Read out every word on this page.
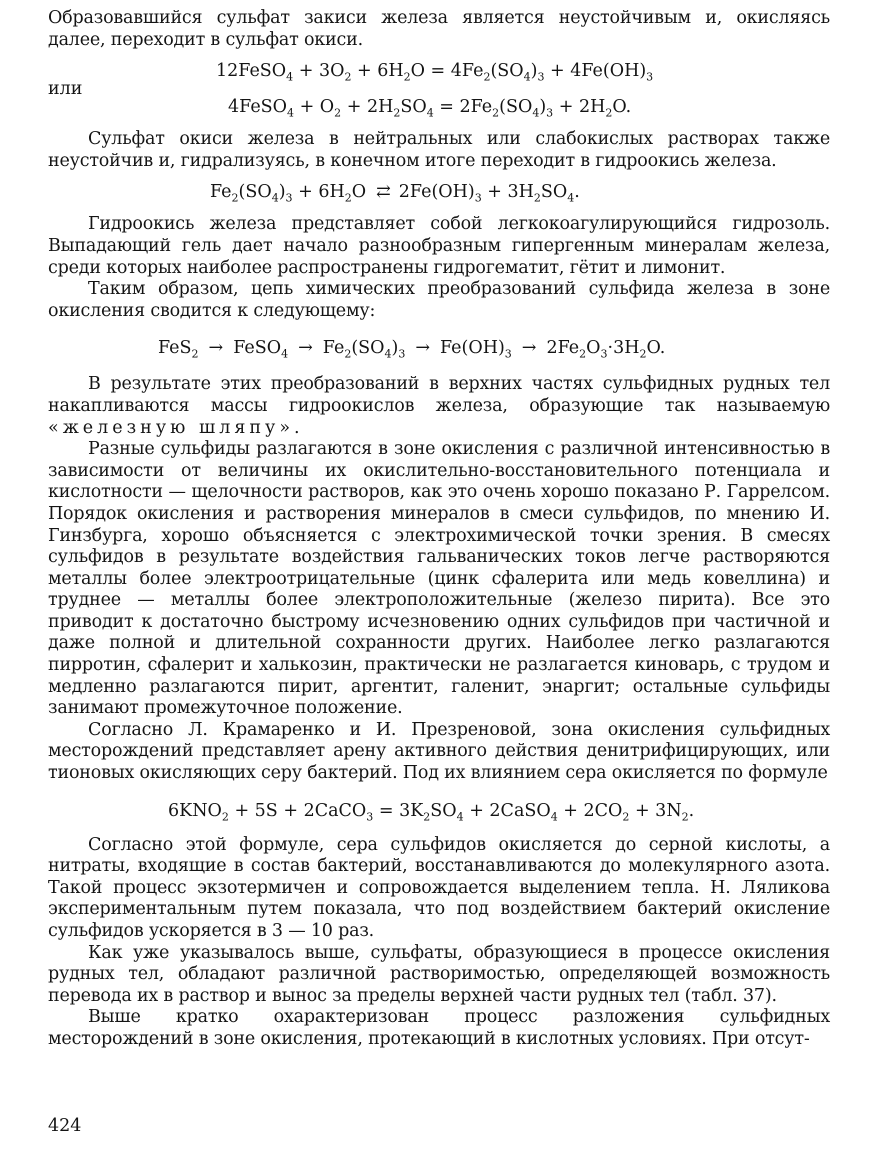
Образовавшийся сульфат закиси железа является неустойчивым и, окисляясь далее, переходит в сульфат окиси.

12FeSO$_4$ + $3O_2 + 6H_2O = 4Fe_2(SO_4)_3 + 4Fe(OH)_3$

или

4FeSO$_4$ + $O_2 + 2H_2SO_4 = 2Fe_2(SO_4)_3 + 2H_2O$.

Сульфат окиси железа в нейтральных или слабокислых растворах также неустойчив и, гидрализуясь, в конечном итоге переходит в гидроокись железа.

$Fe_2(SO_4)_3 + 6H_2O$ ⇄ $2Fe(OH)_3 + 3H_2SO_4$.

Гидроокись железа представляет собой легкокоагулирующийся гидрозоль. Выпадающий гель дает начало разнообразным гипергенным минералам железа, среди которых наиболее распространены гидрогематит, гётит и лимонит.

Таким образом, цепь химических преобразований сульфида железа в зоне окисления сводится к следующему:

FeS$_2$ → FeSO$_4$ → $Fe_2(SO_4)_3 \to Fe(OH)_3 \to 2Fe_2O_3\cdot 3H_2O$.

В результате этих преобразований в верхних частях сульфидных рудных тел накапливаются массы гидроокислов железа, образующие так называемую «железную шляпу».

Разные сульфиды разлагаются в зоне окисления с различной интенсивностью в зависимости от величины их окислительно-восстановительного потенциала и кислотности — щелочности растворов, как это очень хорошо показано Р. Гаррелсом. Порядок окисления и растворения минералов в смеси сульфидов, по мнению И. Гинзбурга, хорошо объясняется с электрохимической точки зрения. В смесях сульфидов в результате воздействия гальванических токов легче растворяются металлы более электроотрицательные (цинк сфалерита или медь ковеллина) и труднее — металлы более электроположительные (железо пирита). Все это приводит к достаточно быстрому исчезновению одних сульфидов при частичной и даже полной и длительной сохранности других. Наиболее легко разлагаются пирротин, сфалерит и халькозин, практически не разлагается киноварь, с трудом и медленно разлагаются пирит, аргентит, галенит, энаргит; остальные сульфиды занимают промежуточное положение.

Согласно Л. Крамаренко и И. Презреновой, зона окисления сульфидных месторождений представляет арену активного действия денитрифицирующих, или тионовых окисляющих серу бактерий. Под их влиянием сера окисляется по формуле

$6KNO_2 + 5S$ + 2CaCO$_3$ = $3K_2SO_4$ + 2CaSO$_4$ + $2CO_2 + 3N_2$.

Согласно этой формуле, сера сульфидов окисляется до серной кислоты, а нитраты, входящие в состав бактерий, восстанавливаются до молекулярного азота. Такой процесс экзотермичен и сопровождается выделением тепла. Н. Ляликова экспериментальным путем показала, что под воздействием бактерий окисление сульфидов ускоряется в 3 — 10 раз.

Как уже указывалось выше, сульфаты, образующиеся в процессе окисления рудных тел, обладают различной растворимостью, определяющей возможность перевода их в раствор и вынос за пределы верхней части рудных тел (табл. 37).

Выше кратко охарактеризован процесс разложения сульфидных месторождений в зоне окисления, протекающий в кислотных условиях. При отсут-

424
